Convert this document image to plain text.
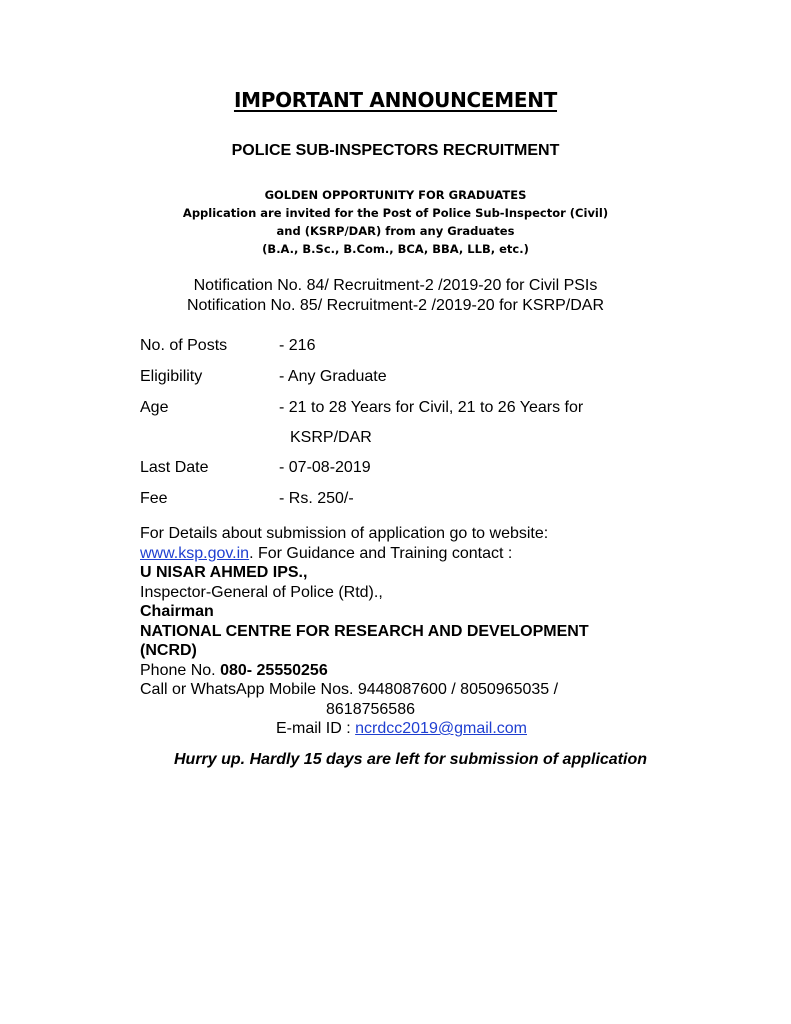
IMPORTANT ANNOUNCEMENT
POLICE SUB-INSPECTORS RECRUITMENT
GOLDEN OPPORTUNITY FOR GRADUATES
Application are invited for the Post of Police Sub-Inspector (Civil)
and (KSRP/DAR) from any Graduates
(B.A., B.Sc., B.Com., BCA, BBA, LLB, etc.)
Notification No. 84/ Recruitment-2 /2019-20 for Civil PSIs
Notification No. 85/ Recruitment-2 /2019-20 for KSRP/DAR
No. of Posts	- 216
Eligibility	- Any Graduate
Age	- 21 to 28 Years for Civil, 21 to 26 Years for
KSRP/DAR
Last Date	- 07-08-2019
Fee	- Rs. 250/-
For Details about submission of application go to website:
www.ksp.gov.in. For Guidance and Training contact :
U NISAR AHMED IPS.,
Inspector-General of Police (Rtd).,
Chairman
NATIONAL CENTRE FOR RESEARCH AND DEVELOPMENT
(NCRD)
Phone No. 080- 25550256
Call or WhatsApp Mobile Nos. 9448087600 / 8050965035 /
8618756586
E-mail ID : ncrdcc2019@gmail.com
Hurry up. Hardly 15 days are left for submission of application
